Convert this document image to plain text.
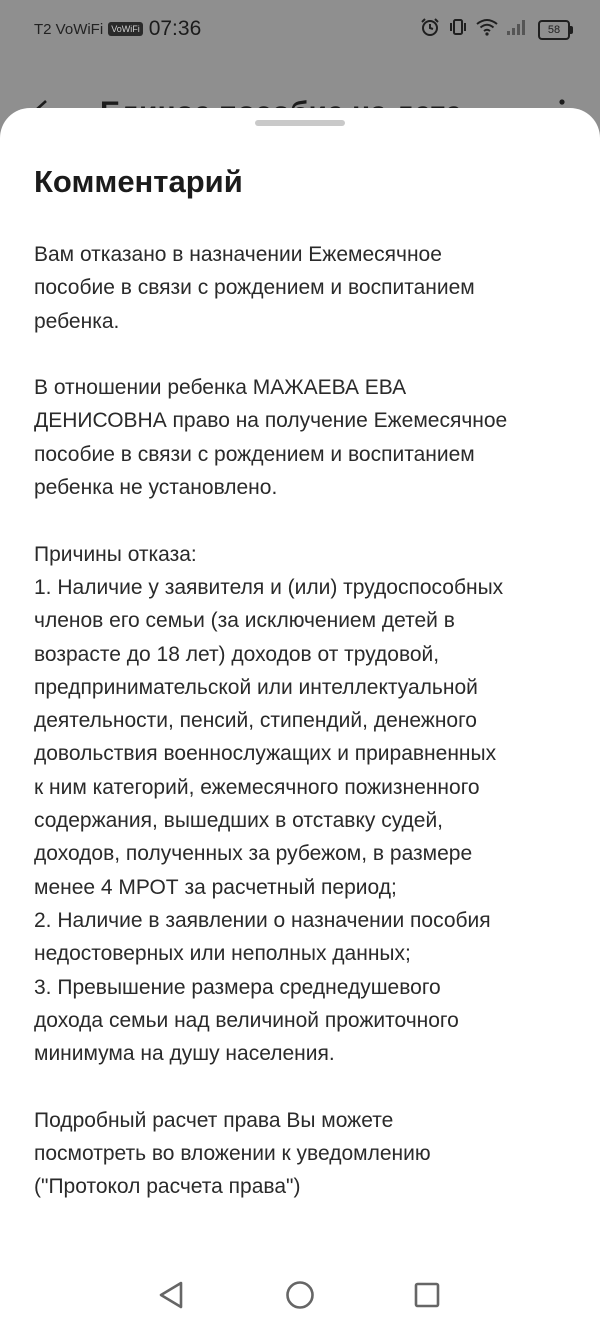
T2 VoWiFi VoWiFi 07:36	58
Комментарий

Вам отказано в назначении Ежемесячное
пособие в связи с рождением и воспитанием
ребенка.

В отношении ребенка МАЖАЕВА ЕВА
ДЕНИСОВНА право на получение Ежемесячное
пособие в связи с рождением и воспитанием
ребенка не установлено.

Причины отказа:
1. Наличие у заявителя и (или) трудоспособных
членов его семьи (за исключением детей в
возрасте до 18 лет) доходов от трудовой,
предпринимательской или интеллектуальной
деятельности, пенсий, стипендий, денежного
довольствия военнослужащих и приравненных
к ним категорий, ежемесячного пожизненного
содержания, вышедших в отставку судей,
доходов, полученных за рубежом, в размере
менее 4 МРОТ за расчетный период;
2. Наличие в заявлении о назначении пособия
недостоверных или неполных данных;
3. Превышение размера среднедушевого
дохода семьи над величиной прожиточного
минимума на душу населения.

Подробный расчет права Вы можете
посмотреть во вложении к уведомлению
("Протокол расчета права")
